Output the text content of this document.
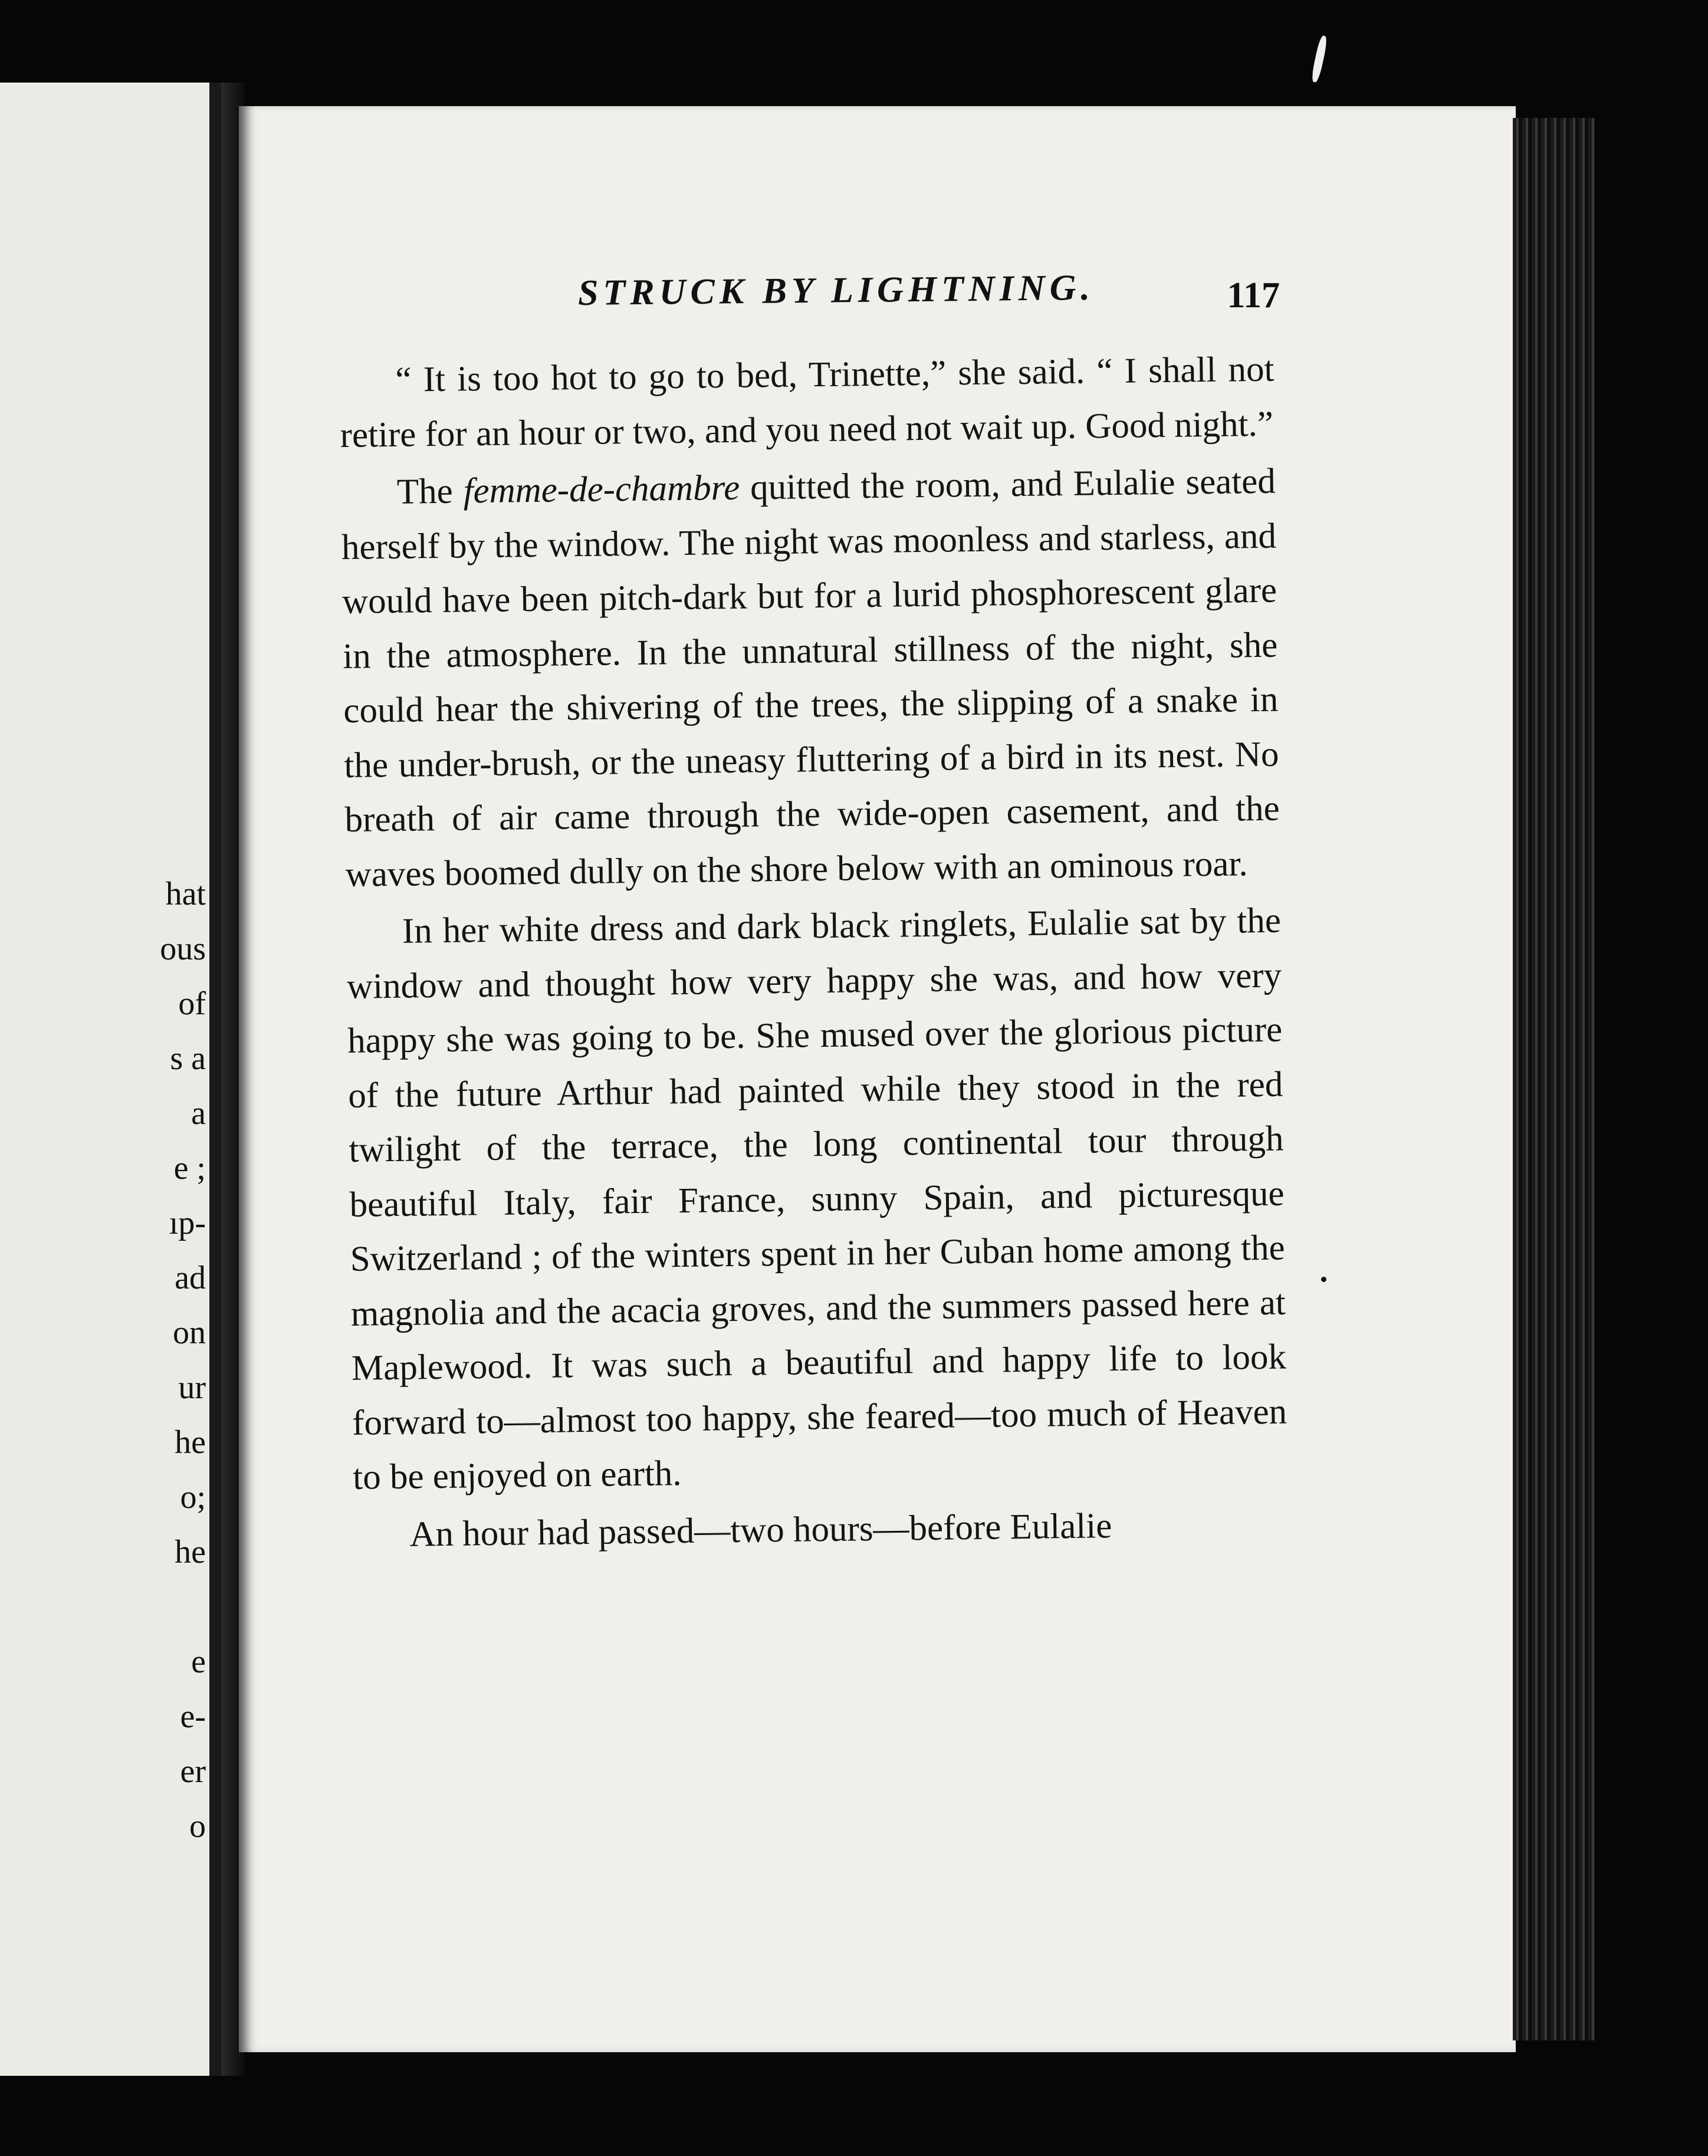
hat
ous
of
s a
a
e ;
ıp-
ad
on
ur
he
o;
he

e
e-
er
o
STRUCK BY LIGHTNING.	117

“ It is too hot to go to bed, Trinette,” she said. “ I shall not retire for an hour or two, and you need not wait up. Good night.”

The femme-de-chambre quitted the room, and Eulalie seated herself by the window. The night was moonless and starless, and would have been pitch-dark but for a lurid phosphorescent glare in the atmosphere. In the unnatural stillness of the night, she could hear the shivering of the trees, the slipping of a snake in the under-brush, or the uneasy fluttering of a bird in its nest. No breath of air came through the wide-open casement, and the waves boomed dully on the shore below with an ominous roar.

In her white dress and dark black ringlets, Eulalie sat by the window and thought how very happy she was, and how very happy she was going to be. She mused over the glorious picture of the future Arthur had painted while they stood in the red twilight of the terrace, the long continental tour through beautiful Italy, fair France, sunny Spain, and picturesque Switzerland ; of the winters spent in her Cuban home among the magnolia and the acacia groves, and the summers passed here at Maplewood. It was such a beautiful and happy life to look forward to—almost too happy, she feared—too much of Heaven to be enjoyed on earth.

An hour had passed—two hours—before Eulalie
